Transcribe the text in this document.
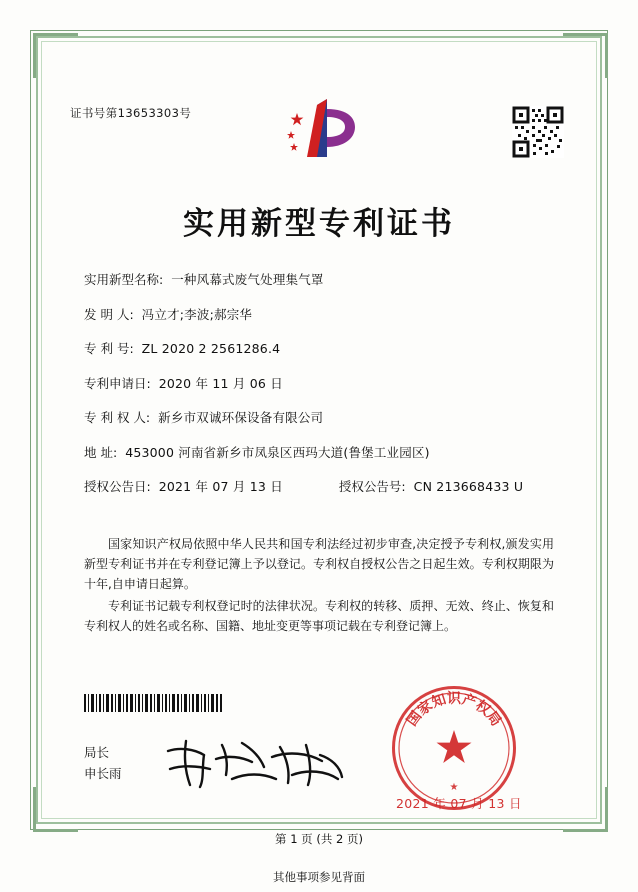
证书号第13653303号
实用新型专利证书
实用新型名称: 一种风幕式废气处理集气罩
发 明 人: 冯立才;李波;郝宗华
专 利 号: ZL 2020 2 2561286.4
专利申请日: 2020 年 11 月 06 日
专 利 权 人: 新乡市双诚环保设备有限公司
地 址: 453000 河南省新乡市凤泉区西玛大道(鲁堡工业园区)
授权公告日: 2021 年 07 月 13 日	授权公告号: CN 213668433 U

国家知识产权局依照中华人民共和国专利法经过初步审查,决定授予专利权,颁发实用新型专利证书并在专利登记簿上予以登记。专利权自授权公告之日起生效。专利权期限为十年,自申请日起算。

专利证书记载专利权登记时的法律状况。专利权的转移、质押、无效、终止、恢复和专利权人的姓名或名称、国籍、地址变更等事项记载在专利登记簿上。

局长
申长雨
国家知识产权局
★
2021 年 07 月 13 日
第 1 页 (共 2 页)
其他事项参见背面
